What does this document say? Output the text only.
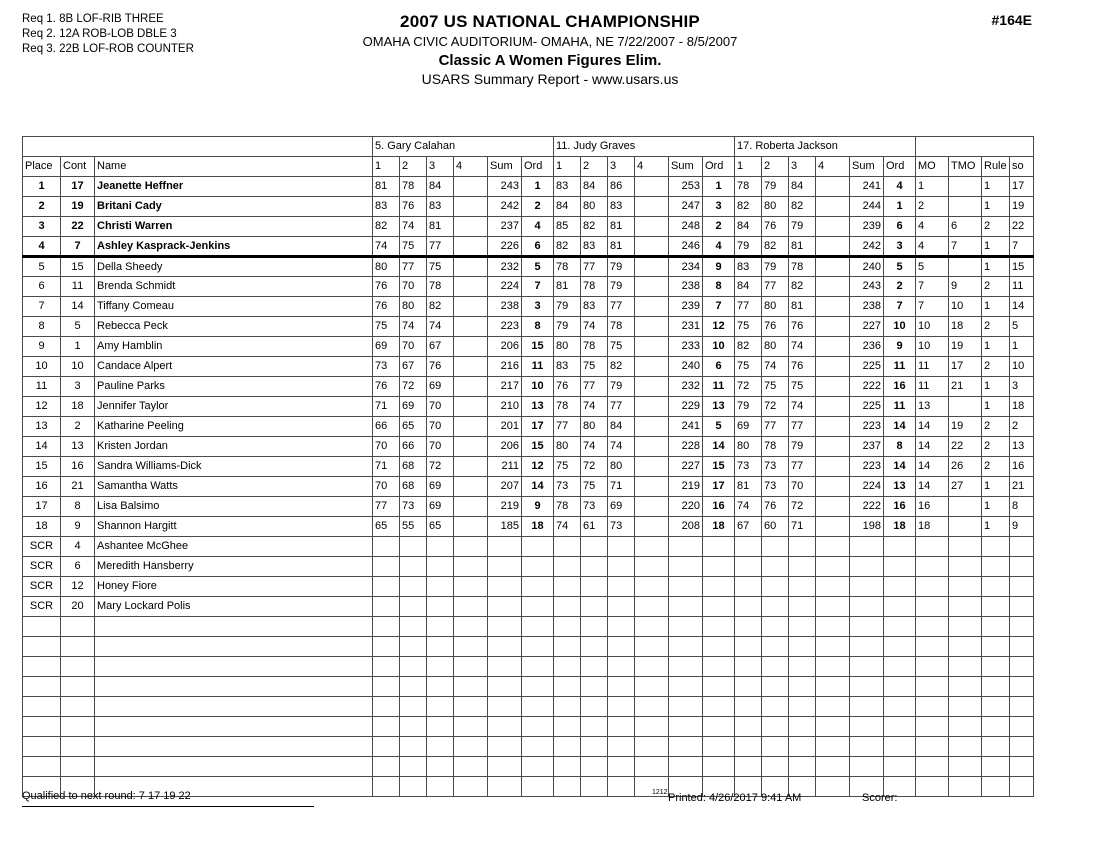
Req 1. 8B LOF-RIB THREE
Req 2. 12A ROB-LOB DBLE 3
Req 3. 22B LOF-ROB COUNTER
2007 US NATIONAL CHAMPIONSHIP
OMAHA CIVIC AUDITORIUM- OMAHA, NE 7/22/2007 - 8/5/2007
Classic A Women Figures Elim.
USARS Summary Report - www.usars.us
#164E
			5. Gary Calahan						11. Judy Graves						17. Roberta Jackson									
Place	Cont	Name	1	2	3	4	Sum	Ord	1	2	3	4	Sum	Ord	1	2	3	4	Sum	Ord	MO	TMO	Rule	so
1	17	Jeanette Heffner	81	78	84		243	1	83	84	86		253	1	78	79	84		241	4	1		1	17
2	19	Britani Cady	83	76	83		242	2	84	80	83		247	3	82	80	82		244	1	2		1	19
3	22	Christi Warren	82	74	81		237	4	85	82	81		248	2	84	76	79		239	6	4	6	2	22
4	7	Ashley Kasprack-Jenkins	74	75	77		226	6	82	83	81		246	4	79	82	81		242	3	4	7	1	7
5	15	Della Sheedy	80	77	75		232	5	78	77	79		234	9	83	79	78		240	5	5		1	15
6	11	Brenda Schmidt	76	70	78		224	7	81	78	79		238	8	84	77	82		243	2	7	9	2	11
7	14	Tiffany Comeau	76	80	82		238	3	79	83	77		239	7	77	80	81		238	7	7	10	1	14
8	5	Rebecca Peck	75	74	74		223	8	79	74	78		231	12	75	76	76		227	10	10	18	2	5
9	1	Amy Hamblin	69	70	67		206	15	80	78	75		233	10	82	80	74		236	9	10	19	1	1
10	10	Candace Alpert	73	67	76		216	11	83	75	82		240	6	75	74	76		225	11	11	17	2	10
11	3	Pauline Parks	76	72	69		217	10	76	77	79		232	11	72	75	75		222	16	11	21	1	3
12	18	Jennifer Taylor	71	69	70		210	13	78	74	77		229	13	79	72	74		225	11	13		1	18
13	2	Katharine Peeling	66	65	70		201	17	77	80	84		241	5	69	77	77		223	14	14	19	2	2
14	13	Kristen Jordan	70	66	70		206	15	80	74	74		228	14	80	78	79		237	8	14	22	2	13
15	16	Sandra Williams-Dick	71	68	72		211	12	75	72	80		227	15	73	73	77		223	14	14	26	2	16
16	21	Samantha Watts	70	68	69		207	14	73	75	71		219	17	81	73	70		224	13	14	27	1	21
17	8	Lisa Balsimo	77	73	69		219	9	78	73	69		220	16	74	76	72		222	16	16		1	8
18	9	Shannon Hargitt	65	55	65		185	18	74	61	73		208	18	67	60	71		198	18	18		1	9
SCR	4	Ashantee McGhee																						
SCR	6	Meredith Hansberry																						
SCR	12	Honey Fiore																						
SCR	20	Mary Lockard Polis																						

Qualified to next round: 7 17 19 22	1212 Printed: 4/26/2017 9:41 AM	Scorer:
